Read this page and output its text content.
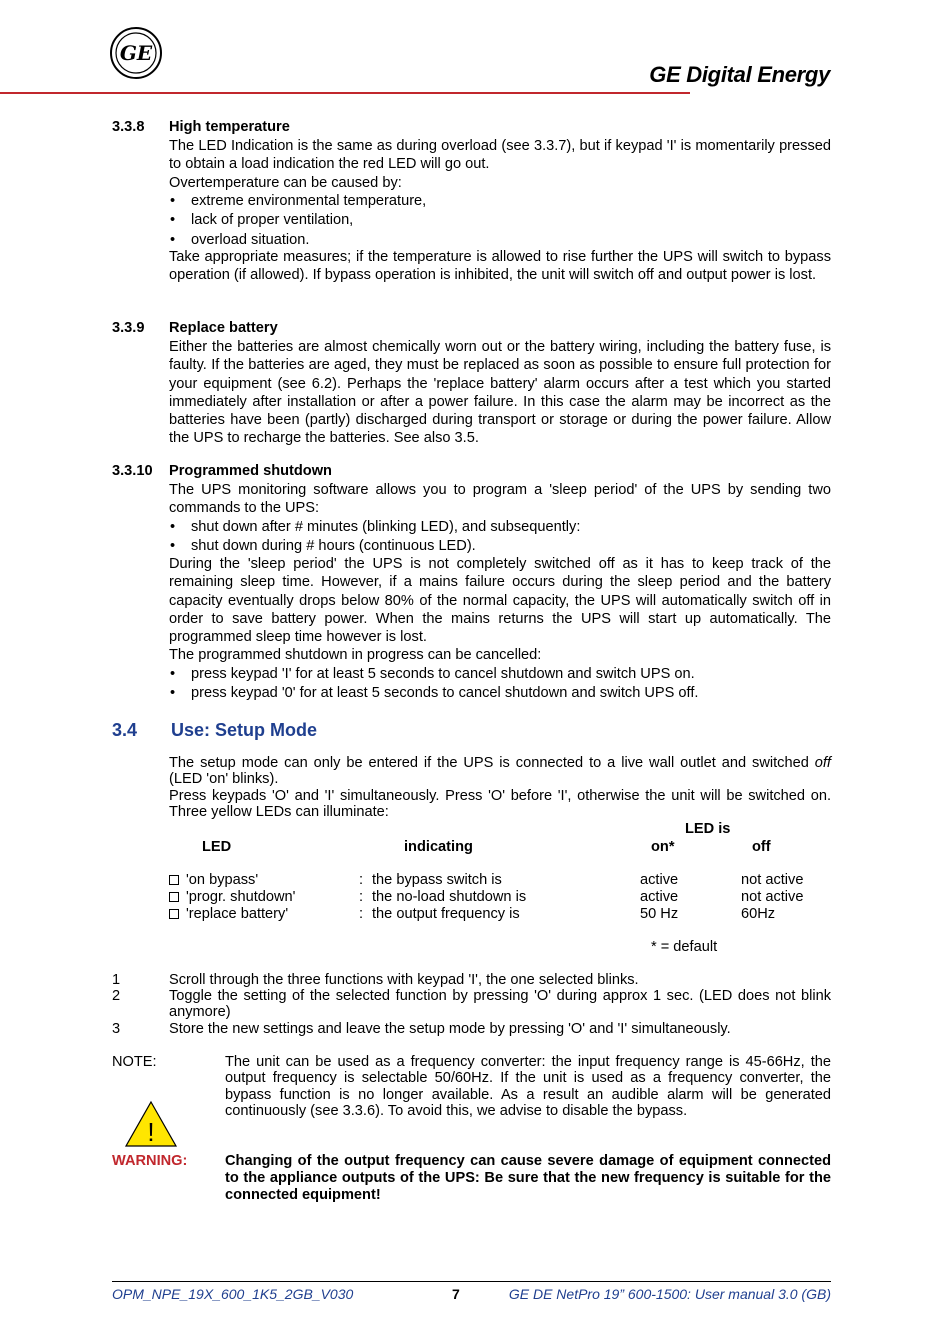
GE
GE Digital Energy
3.3.8 High temperature

The LED Indication is the same as during overload (see 3.3.7), but if keypad 'I' is momentarily pressed to obtain a load indication the red LED will go out.

Overtemperature can be caused by:

• extreme environmental temperature,
• lack of proper ventilation,
• overload situation.

Take appropriate measures; if the temperature is allowed to rise further the UPS will switch to bypass operation (if allowed). If bypass operation is inhibited, the unit will switch off and output power is lost.

3.3.9 Replace battery

Either the batteries are almost chemically worn out or the battery wiring, including the battery fuse, is faulty. If the batteries are aged, they must be replaced as soon as possible to ensure full protection for your equipment (see 6.2). Perhaps the 'replace battery' alarm occurs after a test which you started immediately after installation or after a power failure. In this case the alarm may be incorrect as the batteries have been (partly) discharged during transport or storage or during the power failure. Allow the UPS to recharge the batteries. See also 3.5.

3.3.10 Programmed shutdown

The UPS monitoring software allows you to program a 'sleep period' of the UPS by sending two commands to the UPS:

• shut down after # minutes (blinking LED), and subsequently:
• shut down during # hours (continuous LED).

During the 'sleep period' the UPS is not completely switched off as it has to keep track of the remaining sleep time. However, if a mains failure occurs during the sleep period and the battery capacity eventually drops below 80% of the normal capacity, the UPS will automatically switch off in order to save battery power. When the mains returns the UPS will start up automatically. The programmed sleep time however is lost.

The programmed shutdown in progress can be cancelled:

• press keypad 'I' for at least 5 seconds to cancel shutdown and switch UPS on.
• press keypad '0' for at least 5 seconds to cancel shutdown and switch UPS off.
3.4 Use: Setup Mode

The setup mode can only be entered if the UPS is connected to a live wall outlet and switched off (LED 'on' blinks).

Press keypads 'O' and 'I' simultaneously. Press 'O' before 'I', otherwise the unit will be switched on. Three yellow LEDs can illuminate:

LED is
LED	indicating	on*	off
'on bypass'	: the bypass switch is	active	not active
'progr. shutdown'	: the no-load shutdown is	active	not active
'replace battery'	: the output frequency is	50 Hz	60Hz
* = default
1	Scroll through the three functions with keypad 'I', the one selected blinks.
2	Toggle the setting of the selected function by pressing 'O' during approx 1 sec. (LED does not blink anymore)
3	Store the new settings and leave the setup mode by pressing 'O' and 'I' simultaneously.
NOTE:	The unit can be used as a frequency converter: the input frequency range is 45-66Hz, the output frequency is selectable 50/60Hz. If the unit is used as a frequency converter, the bypass function is no longer available. As a result an audible alarm will be generated continuously (see 3.3.6). To avoid this, we advise to disable the bypass.
!
WARNING:	Changing of the output frequency can cause severe damage of equipment connected to the appliance outputs of the UPS: Be sure that the new frequency is suitable for the connected equipment!
OPM_NPE_19X_600_1K5_2GB_V030	7	GE DE NetPro 19” 600-1500: User manual 3.0 (GB)
